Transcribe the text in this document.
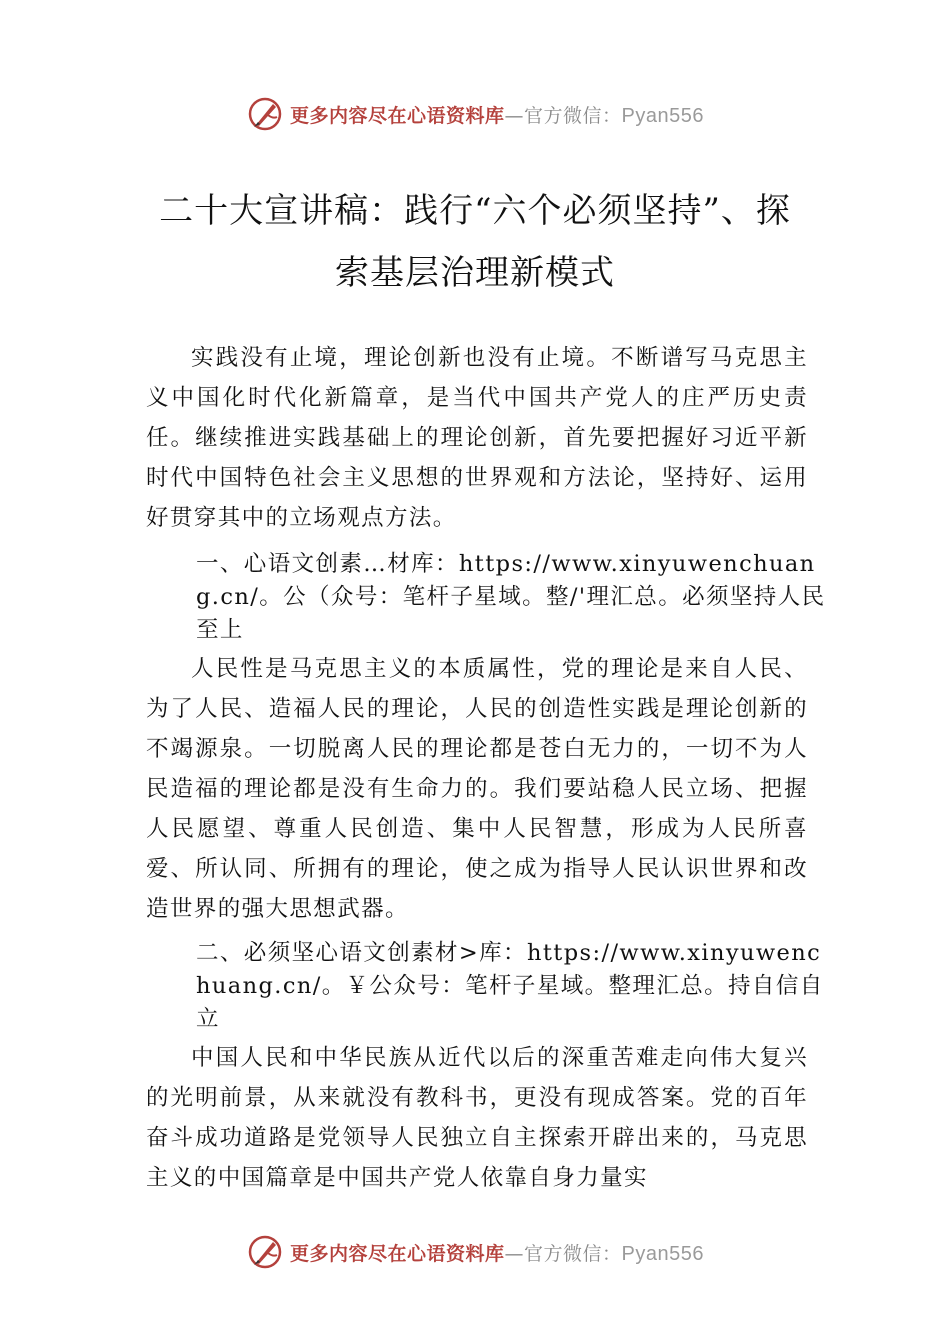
更多内容尽在心语资料库—官方微信：Pyan556
二十大宣讲稿：践行“六个必须坚持”、探
索基层治理新模式

实践没有止境，理论创新也没有止境。不断谱写马克思主义中国化时代化新篇章，是当代中国共产党人的庄严历史责任。继续推进实践基础上的理论创新，首先要把握好习近平新时代中国特色社会主义思想的世界观和方法论，坚持好、运用好贯穿其中的立场观点方法。

一、心语文创素…材库：https://www.xinyuwenchuang.cn/。公（众号：笔杆子星域。整/'理汇总。必须坚持人民至上

人民性是马克思主义的本质属性，党的理论是来自人民、为了人民、造福人民的理论，人民的创造性实践是理论创新的不竭源泉。一切脱离人民的理论都是苍白无力的，一切不为人民造福的理论都是没有生命力的。我们要站稳人民立场、把握人民愿望、尊重人民创造、集中人民智慧，形成为人民所喜爱、所认同、所拥有的理论，使之成为指导人民认识世界和改造世界的强大思想武器。

二、必须坚心语文创素材>库：https://www.xinyuwenchuang.cn/。￥公众号：笔杆子星域。整理汇总。持自信自立

中国人民和中华民族从近代以后的深重苦难走向伟大复兴的光明前景，从来就没有教科书，更没有现成答案。党的百年奋斗成功道路是党领导人民独立自主探索开辟出来的，马克思主义的中国篇章是中国共产党人依靠自身力量实

更多内容尽在心语资料库—官方微信：Pyan556
